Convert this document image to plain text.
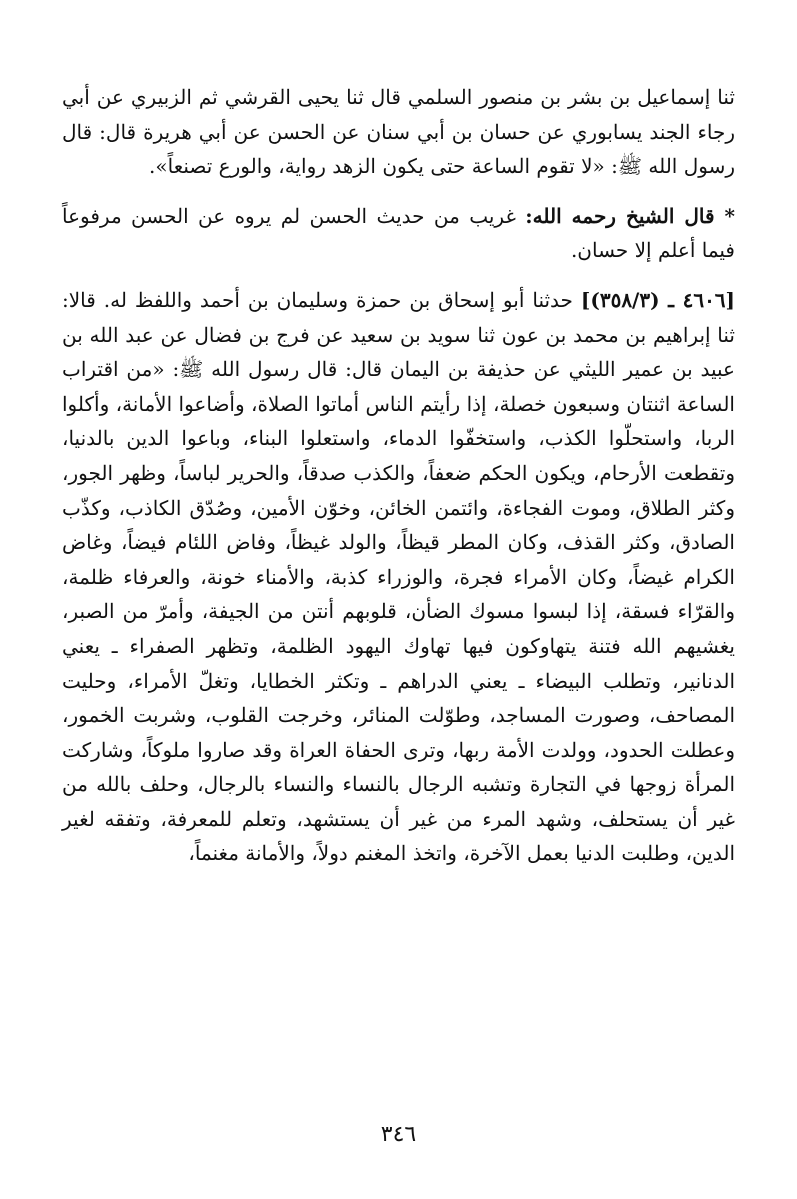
ثنا إسماعيل بن بشر بن منصور السلمي قال ثنا يحيى القرشي ثم الزبيري عن أبي رجاء الجند يسابوري عن حسان بن أبي سنان عن الحسن عن أبي هريرة قال: قال رسول الله ﷺ: «لا تقوم الساعة حتى يكون الزهد رواية، والورع تصنعاً».

* قال الشيخ رحمه الله: غريب من حديث الحسن لم يروه عن الحسن مرفوعاً فيما أعلم إلا حسان.

[٤٦٠٦ ـ (٣٥٨/٣)] حدثنا أبو إسحاق بن حمزة وسليمان بن أحمد واللفظ له. قالا: ثنا إبراهيم بن محمد بن عون ثنا سويد بن سعيد عن فرج بن فضال عن عبد الله بن عبيد بن عمير الليثي عن حذيفة بن اليمان قال: قال رسول الله ﷺ: «من اقتراب الساعة اثنتان وسبعون خصلة، إذا رأيتم الناس أماتوا الصلاة، وأضاعوا الأمانة، وأكلوا الربا، واستحلّوا الكذب، واستخفّوا الدماء، واستعلوا البناء، وباعوا الدين بالدنيا، وتقطعت الأرحام، ويكون الحكم ضعفاً، والكذب صدقاً، والحرير لباساً، وظهر الجور، وكثر الطلاق، وموت الفجاءة، وائتمن الخائن، وخوّن الأمين، وصُدّق الكاذب، وكذّب الصادق، وكثر القذف، وكان المطر قيظاً، والولد غيظاً، وفاض اللئام فيضاً، وغاض الكرام غيضاً، وكان الأمراء فجرة، والوزراء كذبة، والأمناء خونة، والعرفاء ظلمة، والقرّاء فسقة، إذا لبسوا مسوك الضأن، قلوبهم أنتن من الجيفة، وأمرّ من الصبر، يغشيهم الله فتنة يتهاوكون فيها تهاوك اليهود الظلمة، وتظهر الصفراء ـ يعني الدنانير، وتطلب البيضاء ـ يعني الدراهم ـ وتكثر الخطايا، وتغلّ الأمراء، وحليت المصاحف، وصورت المساجد، وطوّلت المنائر، وخرجت القلوب، وشربت الخمور، وعطلت الحدود، وولدت الأمة ربها، وترى الحفاة العراة وقد صاروا ملوكاً، وشاركت المرأة زوجها في التجارة وتشبه الرجال بالنساء والنساء بالرجال، وحلف بالله من غير أن يستحلف، وشهد المرء من غير أن يستشهد، وتعلم للمعرفة، وتفقه لغير الدين، وطلبت الدنيا بعمل الآخرة، واتخذ المغنم دولاً، والأمانة مغنماً،

٣٤٦
